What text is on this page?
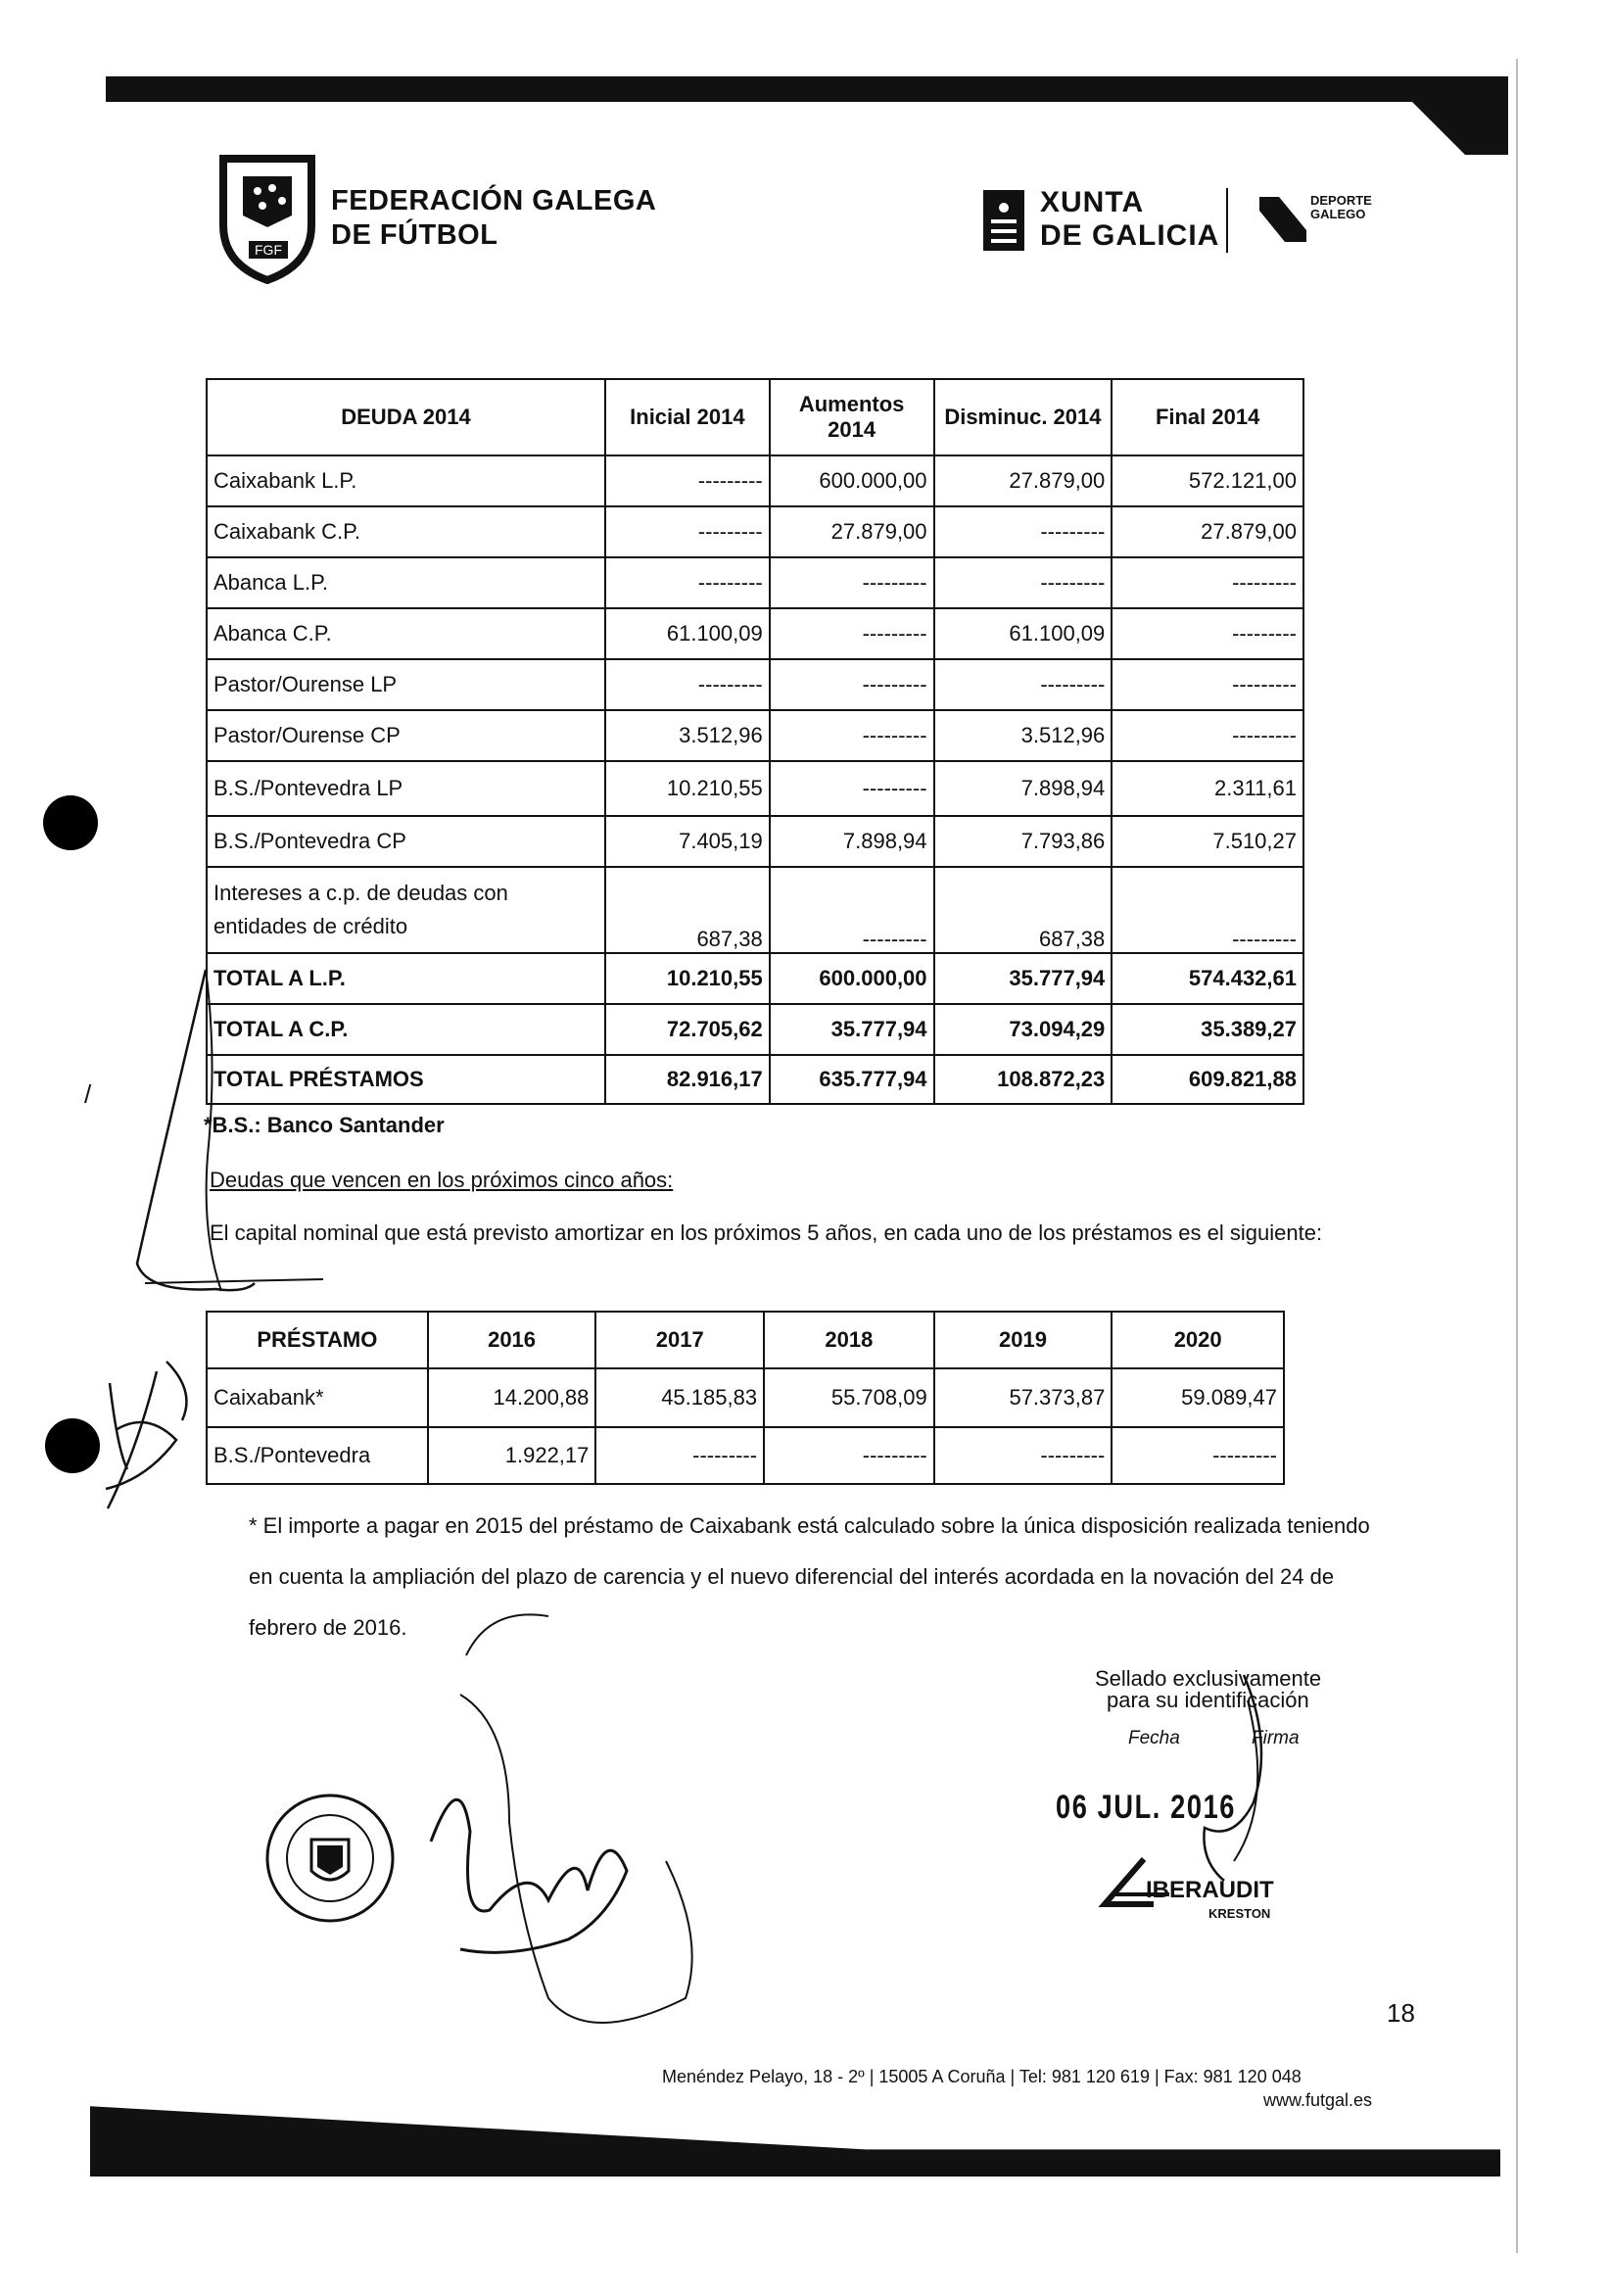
/
FGF
FEDERACIÓN GALEGA
DE FÚTBOL
XUNTA
DE GALICIA
DEPORTE
GALEGO
DEUDA 2014	Inicial 2014	Aumentos 2014	Disminuc. 2014	Final 2014
Caixabank L.P.	---------	600.000,00	27.879,00	572.121,00
Caixabank C.P.	---------	27.879,00	---------	27.879,00
Abanca L.P.	---------	---------	---------	---------
Abanca C.P.	61.100,09	---------	61.100,09	---------
Pastor/Ourense LP	---------	---------	---------	---------
Pastor/Ourense CP	3.512,96	---------	3.512,96	---------
B.S./Pontevedra LP	10.210,55	---------	7.898,94	2.311,61
B.S./Pontevedra CP	7.405,19	7.898,94	7.793,86	7.510,27
Intereses a c.p. de deudas con entidades de crédito	687,38	---------	687,38	---------
TOTAL A L.P.	10.210,55	600.000,00	35.777,94	574.432,61
TOTAL A C.P.	72.705,62	35.777,94	73.094,29	35.389,27
TOTAL PRÉSTAMOS	82.916,17	635.777,94	108.872,23	609.821,88
*B.S.: Banco Santander
Deudas que vencen en los próximos cinco años:
El capital nominal que está previsto amortizar en los próximos 5 años, en cada uno de los préstamos es el siguiente:
PRÉSTAMO	2016	2017	2018	2019	2020
Caixabank*	14.200,88	45.185,83	55.708,09	57.373,87	59.089,47
B.S./Pontevedra	1.922,17	---------	---------	---------	---------
* El importe a pagar en 2015 del préstamo de Caixabank está calculado sobre la única disposición realizada teniendo en cuenta la ampliación del plazo de carencia y el nuevo diferencial del interés acordada en la novación del 24 de febrero de 2016.
Sellado exclusivamente
para su identificación
Fecha	Firma
06 JUL. 2016
IBERAUDIT
KRESTON
18
Menéndez Pelayo, 18 - 2º | 15005 A Coruña | Tel: 981 120 619 | Fax: 981 120 048
www.futgal.es
